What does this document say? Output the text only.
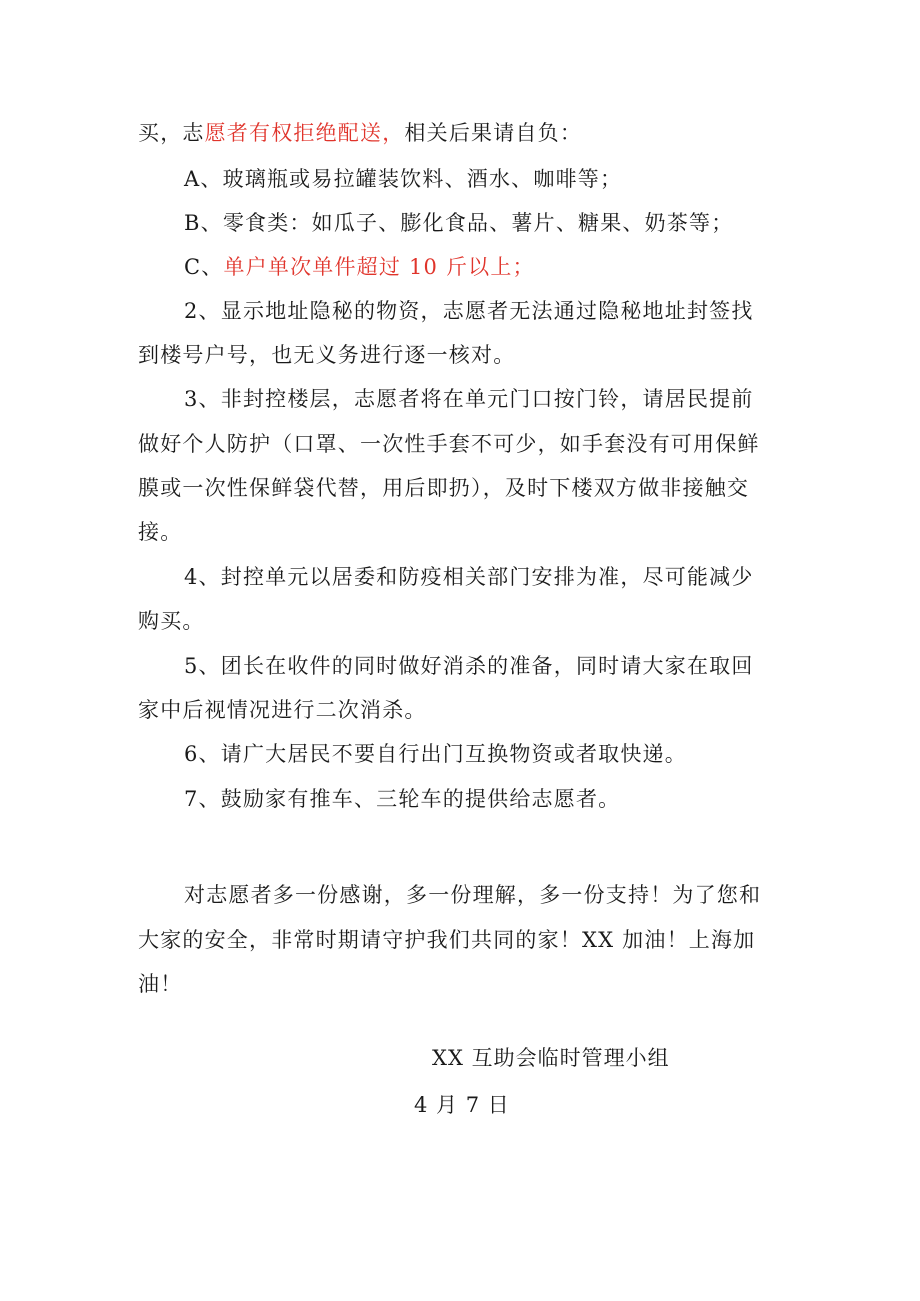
买，志愿者有权拒绝配送，相关后果请自负：
A、玻璃瓶或易拉罐装饮料、酒水、咖啡等；
B、零食类：如瓜子、膨化食品、薯片、糖果、奶茶等；
C、单户单次单件超过 10 斤以上；
2、显示地址隐秘的物资，志愿者无法通过隐秘地址封签找
到楼号户号，也无义务进行逐一核对。
3、非封控楼层，志愿者将在单元门口按门铃，请居民提前
做好个人防护（口罩、一次性手套不可少，如手套没有可用保鲜
膜或一次性保鲜袋代替，用后即扔），及时下楼双方做非接触交
接。
4、封控单元以居委和防疫相关部门安排为准，尽可能减少
购买。
5、团长在收件的同时做好消杀的准备，同时请大家在取回
家中后视情况进行二次消杀。
6、请广大居民不要自行出门互换物资或者取快递。
7、鼓励家有推车、三轮车的提供给志愿者。
对志愿者多一份感谢，多一份理解，多一份支持！为了您和
大家的安全，非常时期请守护我们共同的家！XX 加油！上海加
油！
XX 互助会临时管理小组
4 月 7 日
